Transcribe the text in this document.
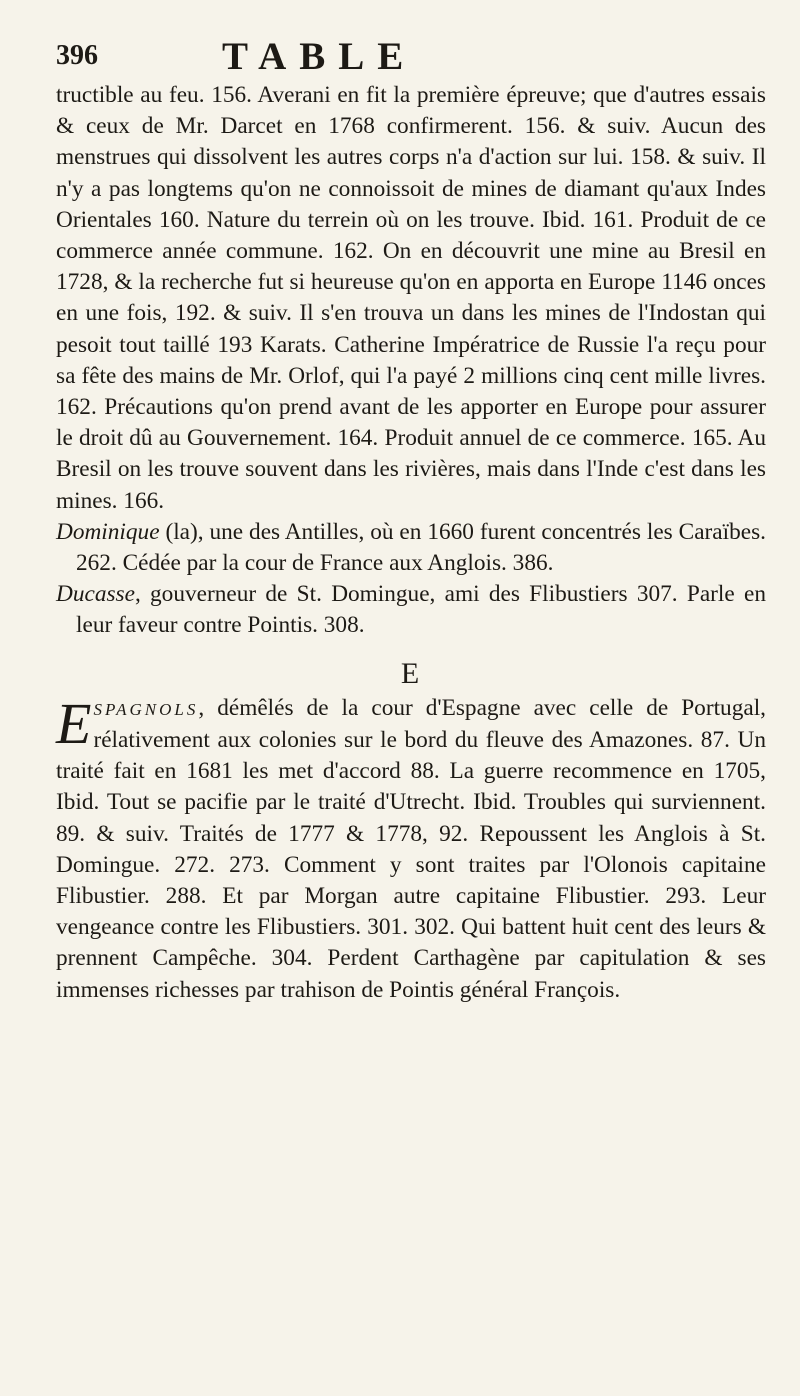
396	TABLE

tructible au feu. 156. Averani en fit la première épreuve; que d'autres essais & ceux de Mr. Darcet en 1768 confirmerent. 156. & suiv. Aucun des menstrues qui dissolvent les autres corps n'a d'action sur lui. 158. & suiv. Il n'y a pas longtems qu'on ne connoissoit de mines de diamant qu'aux Indes Orientales 160. Nature du terrein où on les trouve. Ibid. 161. Produit de ce commerce année commune. 162. On en découvrit une mine au Bresil en 1728, & la recherche fut si heureuse qu'on en apporta en Europe 1146 onces en une fois, 192. & suiv. Il s'en trouva un dans les mines de l'Indostan qui pesoit tout taillé 193 Karats. Catherine Impératrice de Russie l'a reçu pour sa fête des mains de Mr. Orlof, qui l'a payé 2 millions cinq cent mille livres. 162. Précautions qu'on prend avant de les apporter en Europe pour assurer le droit dû au Gouvernement. 164. Produit annuel de ce commerce. 165. Au Bresil on les trouve souvent dans les rivières, mais dans l'Inde c'est dans les mines. 166.

Dominique (la), une des Antilles, où en 1660 furent concentrés les Caraïbes. 262. Cédée par la cour de France aux Anglois. 386.

Ducasse, gouverneur de St. Domingue, ami des Flibustiers 307. Parle en leur faveur contre Pointis. 308.

E

ESPAGNOLS, démêlés de la cour d'Espagne avec celle de Portugal, rélativement aux colonies sur le bord du fleuve des Amazones. 87. Un traité fait en 1681 les met d'accord 88. La guerre recommence en 1705, Ibid. Tout se pacifie par le traité d'Utrecht. Ibid. Troubles qui surviennent. 89. & suiv. Traités de 1777 & 1778, 92. Repoussent les Anglois à St. Domingue. 272. 273. Comment y sont traites par l'Olonois capitaine Flibustier. 288. Et par Morgan autre capitaine Flibustier. 293. Leur vengeance contre les Flibustiers. 301. 302. Qui battent huit cent des leurs & prennent Campêche. 304. Perdent Carthagène par capitulation & ses immenses richesses par trahison de Pointis général François.
